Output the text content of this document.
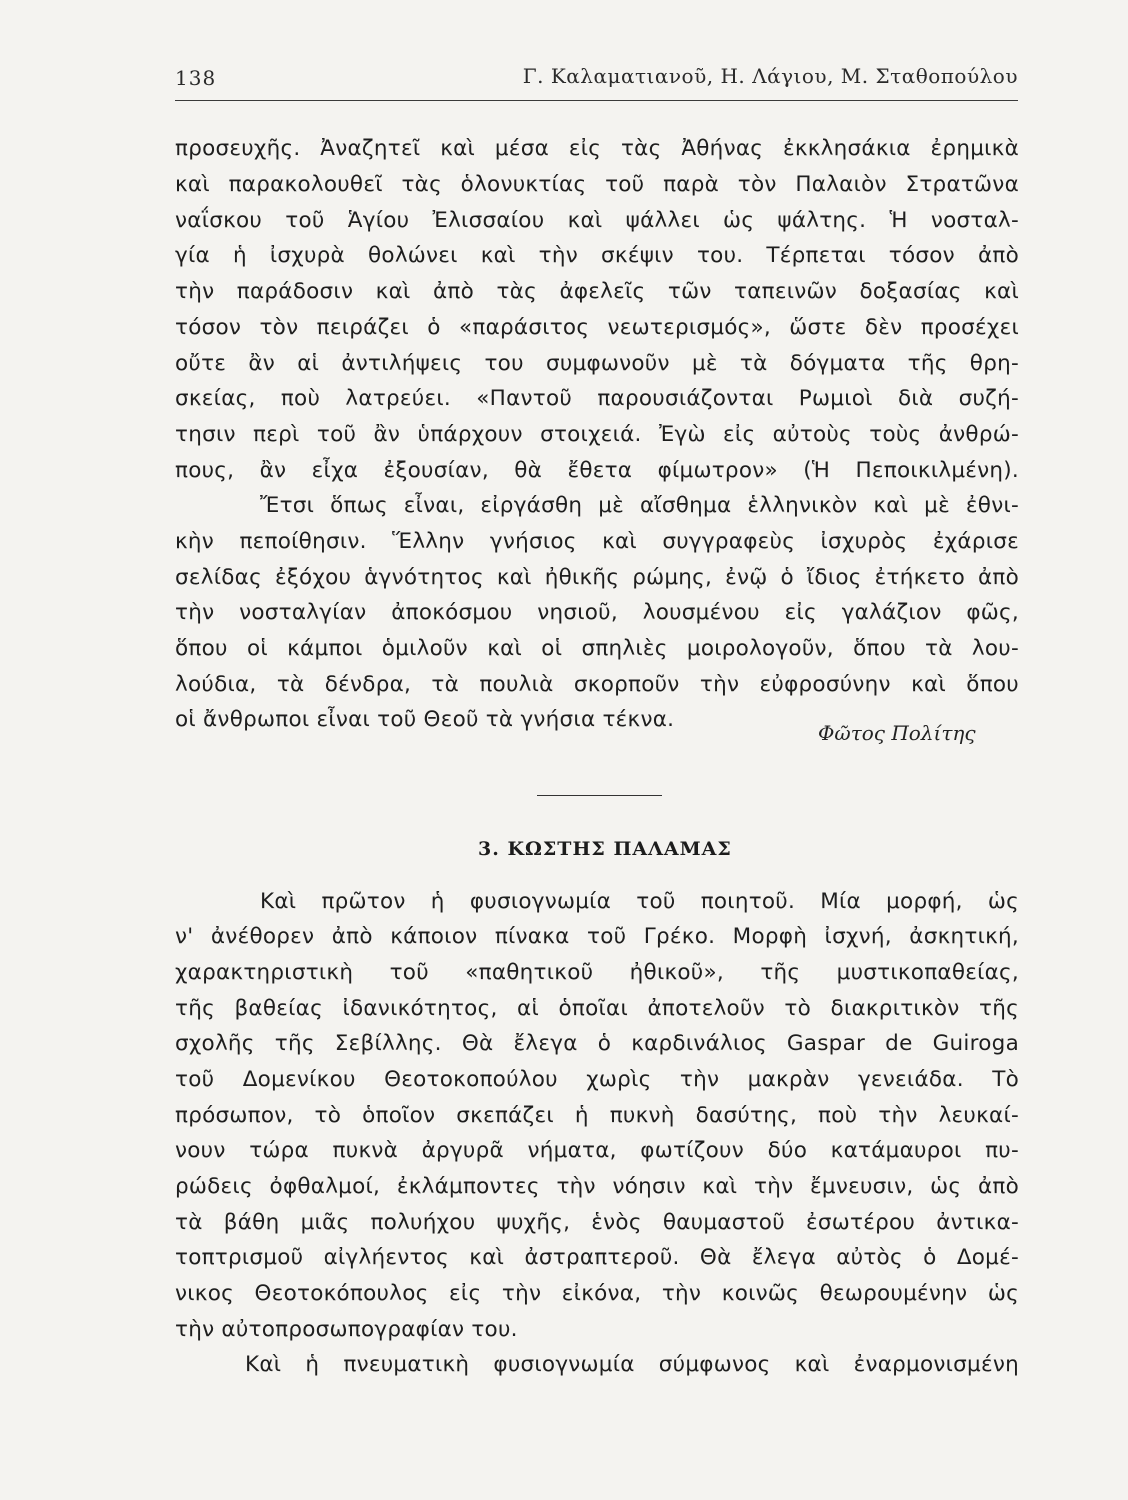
138	Γ. Καλαματιανοῦ, Η. Λάγιου, Μ. Σταθοπούλου
προσευχῆς. Ἀναζητεῖ καὶ μέσα εἰς τὰς Ἀθήνας ἐκκλησάκια ἐρημικὰ
καὶ παρακολουθεῖ τὰς ὁλονυκτίας τοῦ παρὰ τὸν Παλαιὸν Στρατῶνα
ναΐσκου τοῦ Ἁγίου Ἐλισσαίου καὶ ψάλλει ὡς ψάλτης. Ἡ νοσταλ-
γία ἡ ἰσχυρὰ θολώνει καὶ τὴν σκέψιν του. Τέρπεται τόσον ἀπὸ
τὴν παράδοσιν καὶ ἀπὸ τὰς ἀφελεῖς τῶν ταπεινῶν δοξασίας καὶ
τόσον τὸν πειράζει ὁ «παράσιτος νεωτερισμός», ὥστε δὲν προσέχει
οὔτε ἂν αἱ ἀντιλήψεις του συμφωνοῦν μὲ τὰ δόγματα τῆς θρη-
σκείας, ποὺ λατρεύει. «Παντοῦ παρουσιάζονται Ρωμιοὶ διὰ συζή-
τησιν περὶ τοῦ ἂν ὑπάρχουν στοιχειά. Ἐγὼ εἰς αὐτοὺς τοὺς ἀνθρώ-
πους, ἂν εἶχα ἐξουσίαν, θὰ ἔθετα φίμωτρον» (Ἡ Πεποικιλμένη).
Ἔτσι ὅπως εἶναι, εἰργάσθη μὲ αἴσθημα ἑλληνικὸν καὶ μὲ ἐθνι-
κὴν πεποίθησιν. Ἕλλην γνήσιος καὶ συγγραφεὺς ἰσχυρὸς ἐχάρισε
σελίδας ἐξόχου ἁγνότητος καὶ ἠθικῆς ρώμης, ἐνῷ ὁ ἴδιος ἐτήκετο ἀπὸ
τὴν νοσταλγίαν ἀποκόσμου νησιοῦ, λουσμένου εἰς γαλάζιον φῶς,
ὅπου οἱ κάμποι ὁμιλοῦν καὶ οἱ σπηλιὲς μοιρολογοῦν, ὅπου τὰ λου-
λούδια, τὰ δένδρα, τὰ πουλιὰ σκορποῦν τὴν εὐφροσύνην καὶ ὅπου
οἱ ἄνθρωποι εἶναι τοῦ Θεοῦ τὰ γνήσια τέκνα.
Φῶτος Πολίτης
3. ΚΩΣΤΗΣ ΠΑΛΑΜΑΣ
Καὶ πρῶτον ἡ φυσιογνωμία τοῦ ποιητοῦ. Μία μορφή, ὡς
ν' ἀνέθορεν ἀπὸ κάποιον πίνακα τοῦ Γρέκο. Μορφὴ ἰσχνή, ἀσκητική,
χαρακτηριστικὴ τοῦ «παθητικοῦ ἠθικοῦ», τῆς μυστικοπαθείας,
τῆς βαθείας ἰδανικότητος, αἱ ὁποῖαι ἀποτελοῦν τὸ διακριτικὸν τῆς
σχολῆς τῆς Σεβίλλης. Θὰ ἔλεγα ὁ καρδινάλιος Gaspar de Guiroga
τοῦ Δομενίκου Θεοτοκοπούλου χωρὶς τὴν μακρὰν γενειάδα. Τὸ
πρόσωπον, τὸ ὁποῖον σκεπάζει ἡ πυκνὴ δασύτης, ποὺ τὴν λευκαί-
νουν τώρα πυκνὰ ἀργυρᾶ νήματα, φωτίζουν δύο κατάμαυροι πυ-
ρώδεις ὀφθαλμοί, ἐκλάμποντες τὴν νόησιν καὶ τὴν ἔμνευσιν, ὡς ἀπὸ
τὰ βάθη μιᾶς πολυήχου ψυχῆς, ἑνὸς θαυμαστοῦ ἐσωτέρου ἀντικα-
τοπτρισμοῦ αἰγλήεντος καὶ ἀστραπτεροῦ. Θὰ ἔλεγα αὐτὸς ὁ Δομέ-
νικος Θεοτοκόπουλος εἰς τὴν εἰκόνα, τὴν κοινῶς θεωρουμένην ὡς
τὴν αὐτοπροσωπογραφίαν του.
Καὶ ἡ πνευματικὴ φυσιογνωμία σύμφωνος καὶ ἐναρμονισμένη
